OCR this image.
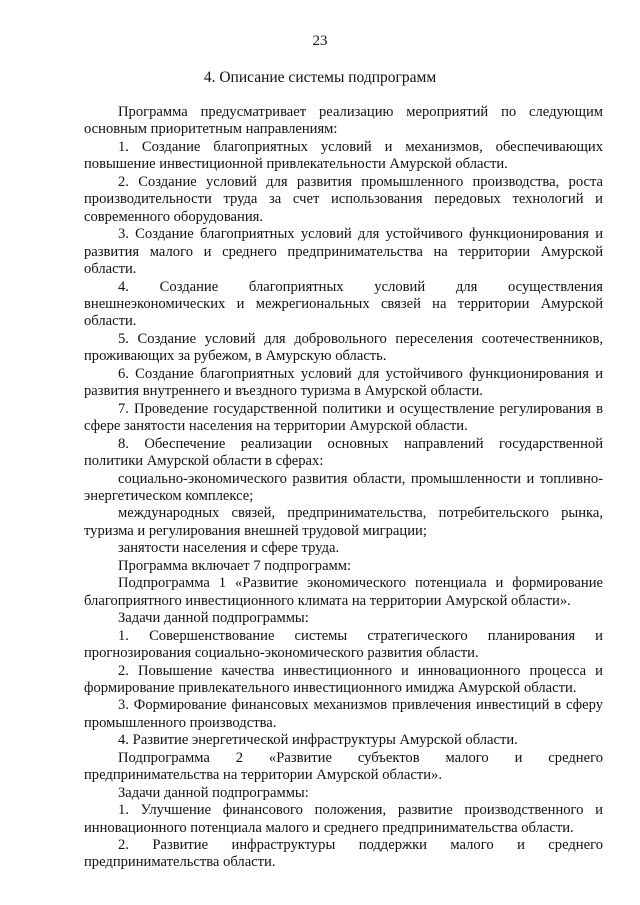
23
4. Описание системы подпрограмм

Программа предусматривает реализацию мероприятий по следующим основным приоритетным направлениям:

1. Создание благоприятных условий и механизмов, обеспечивающих повышение инвестиционной привлекательности Амурской области.

2. Создание условий для развития промышленного производства, роста производительности труда за счет использования передовых технологий и современного оборудования.

3. Создание благоприятных условий для устойчивого функционирования и развития малого и среднего предпринимательства на территории Амурской области.

4. Создание благоприятных условий для осуществления внешнеэкономических и межрегиональных связей на территории Амурской области.

5. Создание условий для добровольного переселения соотечественников, проживающих за рубежом, в Амурскую область.

6. Создание благоприятных условий для устойчивого функционирования и развития внутреннего и въездного туризма в Амурской области.

7. Проведение государственной политики и осуществление регулирования в сфере занятости населения на территории Амурской области.

8. Обеспечение реализации основных направлений государственной политики Амурской области в сферах:

социально-экономического развития области, промышленности и топливно-энергетическом комплексе;

международных связей, предпринимательства, потребительского рынка, туризма и регулирования внешней трудовой миграции;

занятости населения и сфере труда.

Программа включает 7 подпрограмм:

Подпрограмма 1 «Развитие экономического потенциала и формирование благоприятного инвестиционного климата на территории Амурской области».

Задачи данной подпрограммы:

1. Совершенствование системы стратегического планирования и прогнозирования социально-экономического развития области.

2. Повышение качества инвестиционного и инновационного процесса и формирование привлекательного инвестиционного имиджа Амурской области.

3. Формирование финансовых механизмов привлечения инвестиций в сферу промышленного производства.

4. Развитие энергетической инфраструктуры Амурской области.

Подпрограмма 2 «Развитие субъектов малого и среднего предпринимательства на территории Амурской области».

Задачи данной подпрограммы:

1. Улучшение финансового положения, развитие производственного и инновационного потенциала малого и среднего предпринимательства области.

2. Развитие инфраструктуры поддержки малого и среднего предпринимательства области.
